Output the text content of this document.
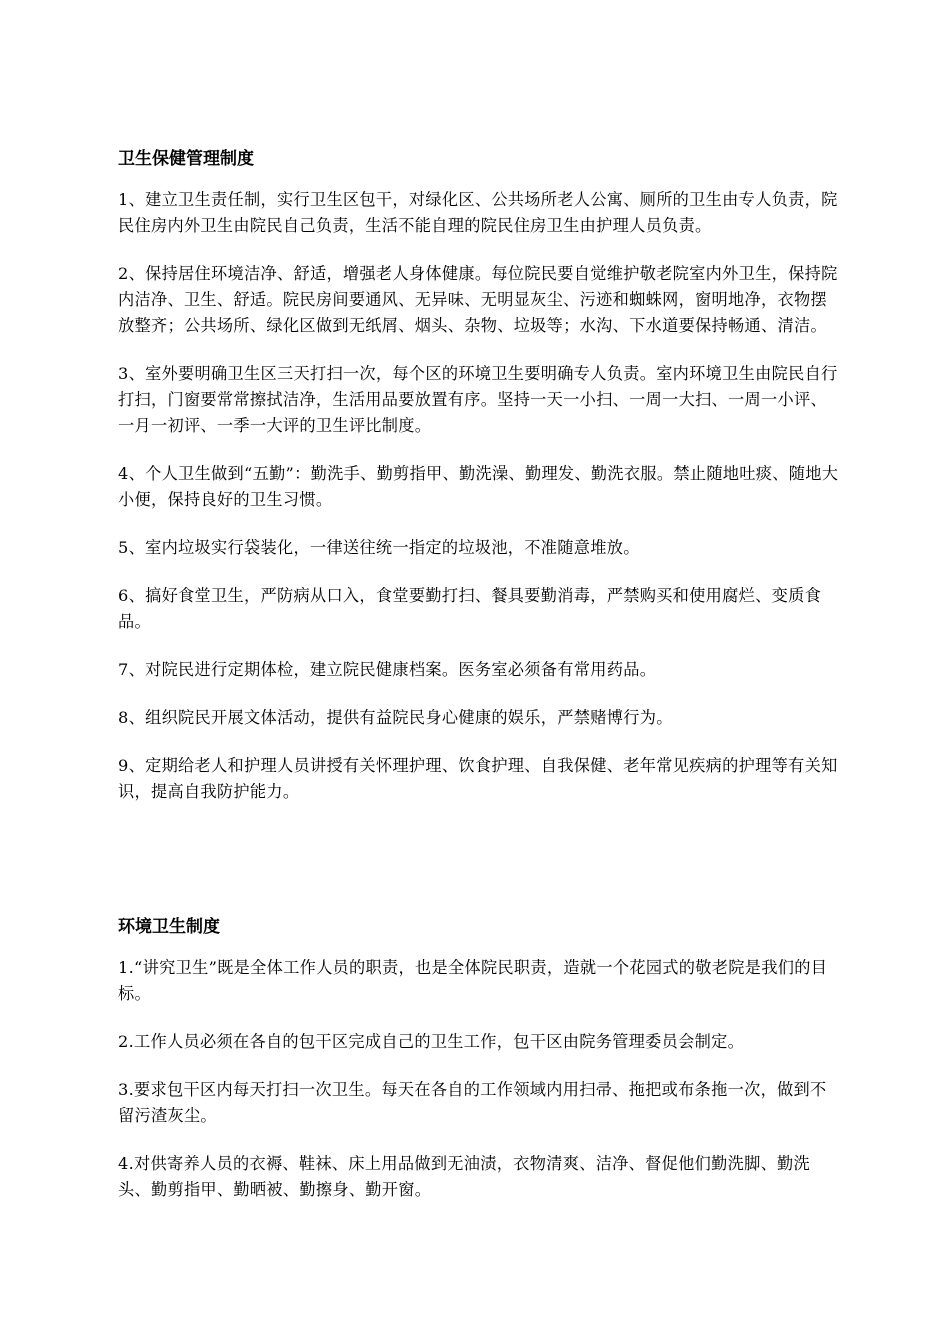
卫生保健管理制度

1、建立卫生责任制，实行卫生区包干，对绿化区、公共场所老人公寓、厕所的卫生由专人负责，院民住房内外卫生由院民自己负责，生活不能自理的院民住房卫生由护理人员负责。

2、保持居住环境洁净、舒适，增强老人身体健康。每位院民要自觉维护敬老院室内外卫生，保持院内洁净、卫生、舒适。院民房间要通风、无异味、无明显灰尘、污迹和蜘蛛网，窗明地净，衣物摆放整齐；公共场所、绿化区做到无纸屑、烟头、杂物、垃圾等；水沟、下水道要保持畅通、清洁。

3、室外要明确卫生区三天打扫一次，每个区的环境卫生要明确专人负责。室内环境卫生由院民自行打扫，门窗要常常擦拭洁净，生活用品要放置有序。坚持一天一小扫、一周一大扫、一周一小评、一月一初评、一季一大评的卫生评比制度。

4、个人卫生做到“五勤”：勤洗手、勤剪指甲、勤洗澡、勤理发、勤洗衣服。禁止随地吐痰、随地大小便，保持良好的卫生习惯。

5、室内垃圾实行袋装化，一律送往统一指定的垃圾池，不准随意堆放。

6、搞好食堂卫生，严防病从口入，食堂要勤打扫、餐具要勤消毒，严禁购买和使用腐烂、变质食品。

7、对院民进行定期体检，建立院民健康档案。医务室必须备有常用药品。

8、组织院民开展文体活动，提供有益院民身心健康的娱乐，严禁赌博行为。

9、定期给老人和护理人员讲授有关怀理护理、饮食护理、自我保健、老年常见疾病的护理等有关知识，提高自我防护能力。

环境卫生制度

1.“讲究卫生”既是全体工作人员的职责，也是全体院民职责，造就一个花园式的敬老院是我们的目标。

2.工作人员必须在各自的包干区完成自己的卫生工作，包干区由院务管理委员会制定。

3.要求包干区内每天打扫一次卫生。每天在各自的工作领域内用扫帚、拖把或布条拖一次，做到不留污渣灰尘。

4.对供寄养人员的衣褥、鞋袜、床上用品做到无油渍，衣物清爽、洁净、督促他们勤洗脚、勤洗头、勤剪指甲、勤晒被、勤擦身、勤开窗。
